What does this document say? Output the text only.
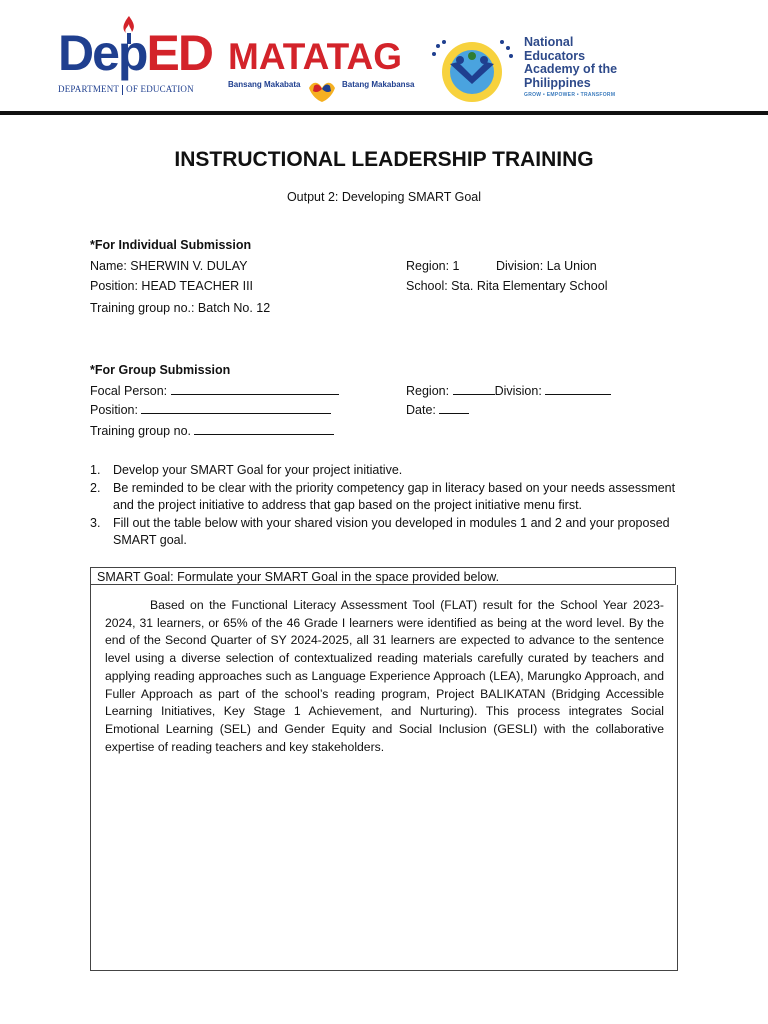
DepED
DEPARTMENT OF EDUCATION
MATATAG
Bansang Makabata	Batang Makabansa
National
Educators
Academy of the
Philippines
GROW • EMPOWER • TRANSFORM
INSTRUCTIONAL LEADERSHIP TRAINING
Output 2: Developing SMART Goal
*For Individual Submission
Name: SHERWIN V. DULAY
Position: HEAD TEACHER III
Training group no.: Batch No. 12
Region: 1	Division: La Union
School: Sta. Rita Elementary School
*For Group Submission
Focal Person:
Position:
Training group no.
Region:	Division:
Date:
1.	Develop your SMART Goal for your project initiative.
2.	Be reminded to be clear with the priority competency gap in literacy based on your needs assessment and the project initiative to address that gap based on the project initiative menu first.
3.	Fill out the table below with your shared vision you developed in modules 1 and 2 and your proposed SMART goal.
SMART Goal: Formulate your SMART Goal in the space provided below.
Based on the Functional Literacy Assessment Tool (FLAT) result for the School Year 2023-2024, 31 learners, or 65% of the 46 Grade I learners were identified as being at the word level. By the end of the Second Quarter of SY 2024-2025, all 31 learners are expected to advance to the sentence level using a diverse selection of contextualized reading materials carefully curated by teachers and applying reading approaches such as Language Experience Approach (LEA), Marungko Approach, and Fuller Approach as part of the school’s reading program, Project BALIKATAN (Bridging Accessible Learning Initiatives, Key Stage 1 Achievement, and Nurturing). This process integrates Social Emotional Learning (SEL) and Gender Equity and Social Inclusion (GESLI) with the collaborative expertise of reading teachers and key stakeholders.
